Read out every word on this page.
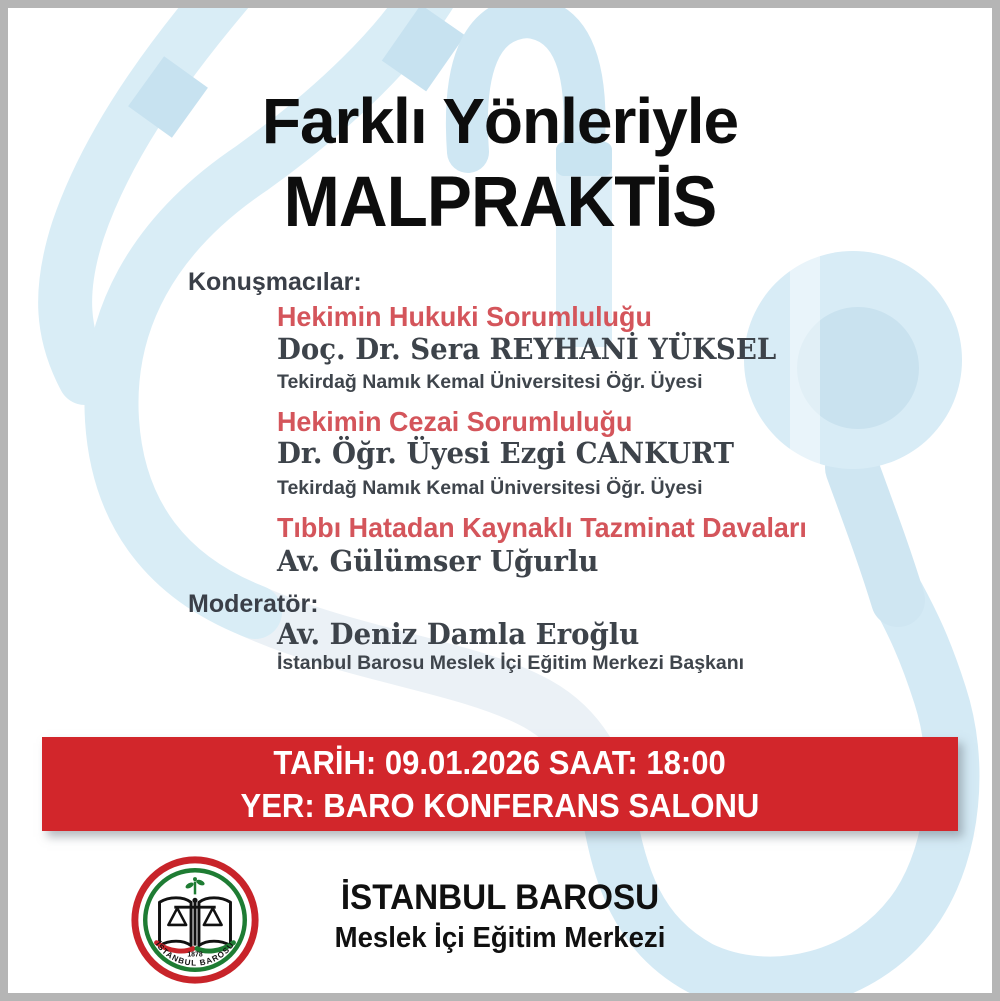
Farklı Yönleriyle
MALPRAKTİS
Konuşmacılar:
Hekimin Hukuki Sorumluluğu
Doç. Dr. Sera REYHANİ YÜKSEL
Tekirdağ Namık Kemal Üniversitesi Öğr. Üyesi
Hekimin Cezai Sorumluluğu
Dr. Öğr. Üyesi Ezgi CANKURT
Tekirdağ Namık Kemal Üniversitesi Öğr. Üyesi
Tıbbı Hatadan Kaynaklı Tazminat Davaları
Av. Gülümser Uğurlu
Moderatör:
Av. Deniz Damla Eroğlu
İstanbul Barosu Meslek İçi Eğitim Merkezi Başkanı
TARİH: 09.01.2026 SAAT: 18:00
YER: BARO KONFERANS SALONU
1878
İSTANBUL BAROSU
İSTANBUL BAROSU
Meslek İçi Eğitim Merkezi
